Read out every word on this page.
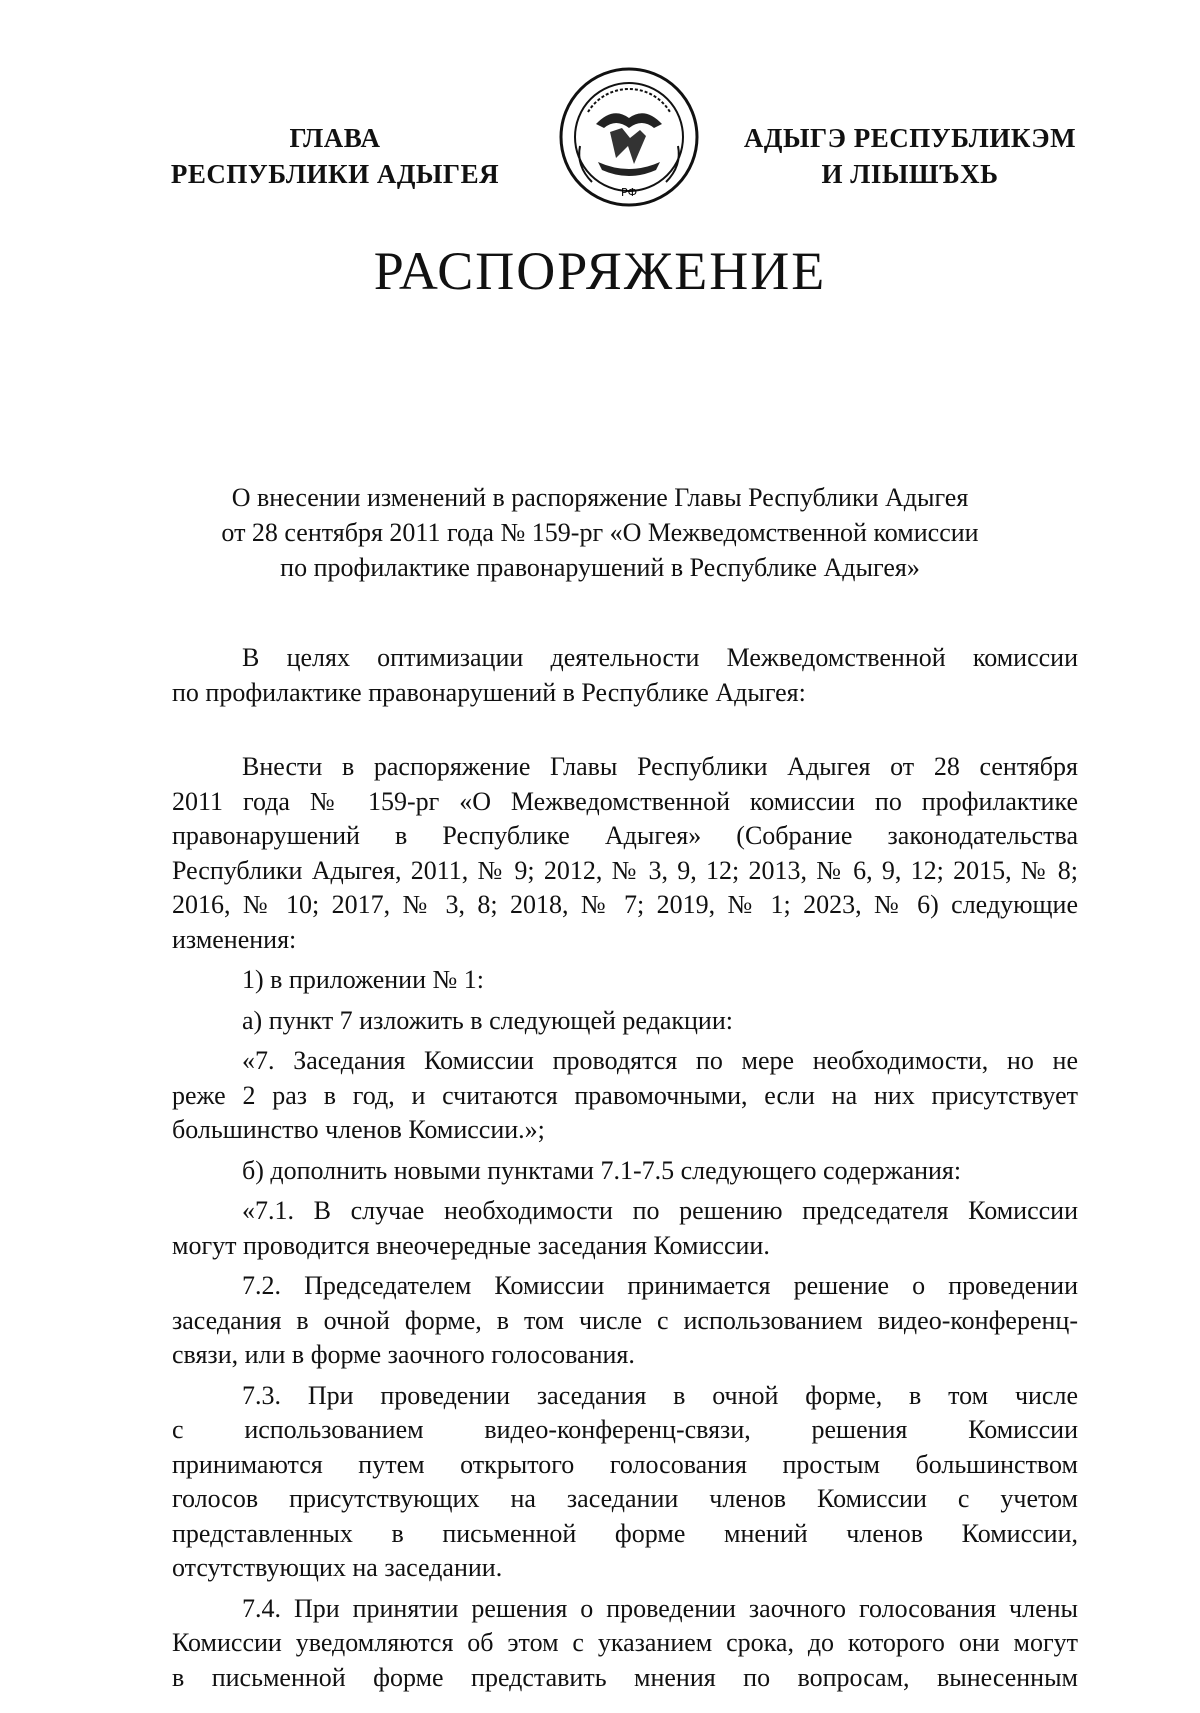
ГЛАВА
РЕСПУБЛИКИ АДЫГЕЯ
РФ
АДЫГЭ РЕСПУБЛИКЭМ
И ЛІЫШЪХЬ
РАСПОРЯЖЕНИЕ
О внесении изменений в распоряжение Главы Республики Адыгея
от 28 сентября 2011 года № 159-рг «О Межведомственной комиссии
по профилактике правонарушений в Республике Адыгея»
В целях оптимизации деятельности Межведомственной комиссии
по профилактике правонарушений в Республике Адыгея:
Внести в распоряжение Главы Республики Адыгея от 28 сентября
2011 года № 159-рг «О Межведомственной комиссии по профилактике
правонарушений в Республике Адыгея» (Собрание законодательства
Республики Адыгея, 2011, № 9; 2012, № 3, 9, 12; 2013, № 6, 9, 12; 2015, № 8;
2016, № 10; 2017, № 3, 8; 2018, № 7; 2019, № 1; 2023, № 6) следующие
изменения:
1) в приложении № 1:
а) пункт 7 изложить в следующей редакции:
«7. Заседания Комиссии проводятся по мере необходимости, но не
реже 2 раз в год, и считаются правомочными, если на них присутствует
большинство членов Комиссии.»;
б) дополнить новыми пунктами 7.1-7.5 следующего содержания:
«7.1. В случае необходимости по решению председателя Комиссии
могут проводится внеочередные заседания Комиссии.
7.2. Председателем Комиссии принимается решение о проведении
заседания в очной форме, в том числе с использованием видео-конференц-
связи, или в форме заочного голосования.
7.3. При проведении заседания в очной форме, в том числе
с использованием видео-конференц-связи, решения Комиссии
принимаются путем открытого голосования простым большинством
голосов присутствующих на заседании членов Комиссии с учетом
представленных в письменной форме мнений членов Комиссии,
отсутствующих на заседании.
7.4. При принятии решения о проведении заочного голосования члены
Комиссии уведомляются об этом с указанием срока, до которого они могут
в письменной форме представить мнения по вопросам, вынесенным
